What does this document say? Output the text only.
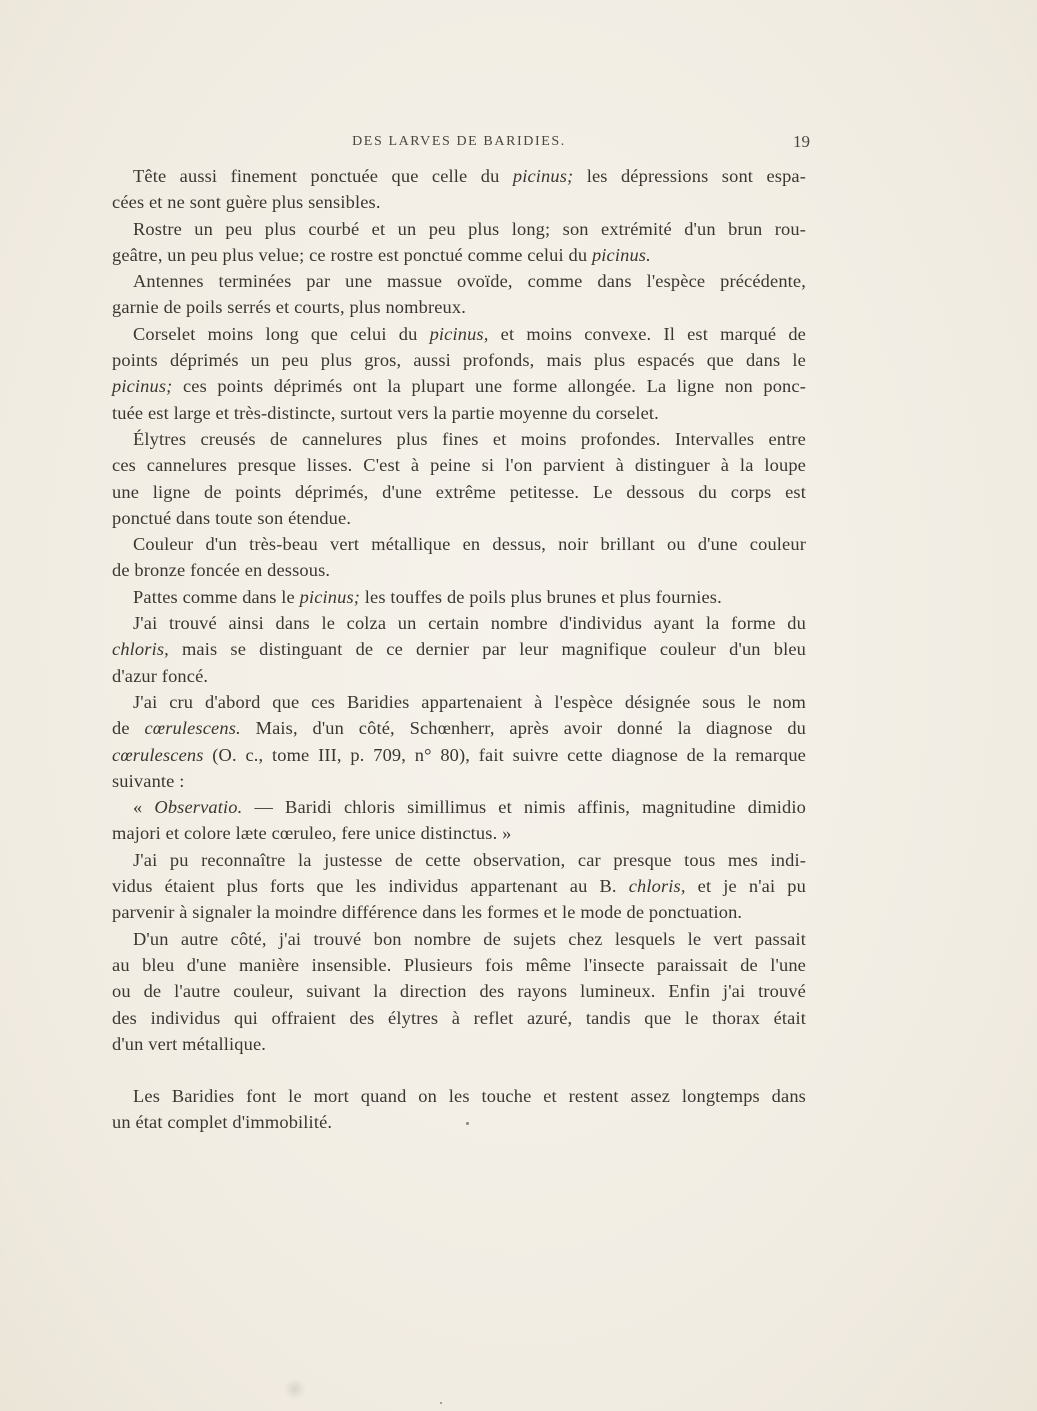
DES LARVES DE BARIDIES.	19
Tête aussi finement ponctuée que celle du picinus; les dépressions sont espa-
cées et ne sont guère plus sensibles.
Rostre un peu plus courbé et un peu plus long; son extrémité d'un brun rou-
geâtre, un peu plus velue; ce rostre est ponctué comme celui du picinus.
Antennes terminées par une massue ovoïde, comme dans l'espèce précédente,
garnie de poils serrés et courts, plus nombreux.
Corselet moins long que celui du picinus, et moins convexe. Il est marqué de
points déprimés un peu plus gros, aussi profonds, mais plus espacés que dans le
picinus; ces points déprimés ont la plupart une forme allongée. La ligne non ponc-
tuée est large et très-distincte, surtout vers la partie moyenne du corselet.
Élytres creusés de cannelures plus fines et moins profondes. Intervalles entre
ces cannelures presque lisses. C'est à peine si l'on parvient à distinguer à la loupe
une ligne de points déprimés, d'une extrême petitesse. Le dessous du corps est
ponctué dans toute son étendue.
Couleur d'un très-beau vert métallique en dessus, noir brillant ou d'une couleur
de bronze foncée en dessous.
Pattes comme dans le picinus; les touffes de poils plus brunes et plus fournies.
J'ai trouvé ainsi dans le colza un certain nombre d'individus ayant la forme du
chloris, mais se distinguant de ce dernier par leur magnifique couleur d'un bleu
d'azur foncé.
J'ai cru d'abord que ces Baridies appartenaient à l'espèce désignée sous le nom
de cœrulescens. Mais, d'un côté, Schœnherr, après avoir donné la diagnose du
cœrulescens (O. c., tome III, p. 709, n° 80), fait suivre cette diagnose de la remarque
suivante :
« Observatio. — Baridi chloris simillimus et nimis affinis, magnitudine dimidio
majori et colore læte cœruleo, fere unice distinctus. »
J'ai pu reconnaître la justesse de cette observation, car presque tous mes indi-
vidus étaient plus forts que les individus appartenant au B. chloris, et je n'ai pu
parvenir à signaler la moindre différence dans les formes et le mode de ponctuation.
D'un autre côté, j'ai trouvé bon nombre de sujets chez lesquels le vert passait
au bleu d'une manière insensible. Plusieurs fois même l'insecte paraissait de l'une
ou de l'autre couleur, suivant la direction des rayons lumineux. Enfin j'ai trouvé
des individus qui offraient des élytres à reflet azuré, tandis que le thorax était
d'un vert métallique.
Les Baridies font le mort quand on les touche et restent assez longtemps dans
un état complet d'immobilité.
